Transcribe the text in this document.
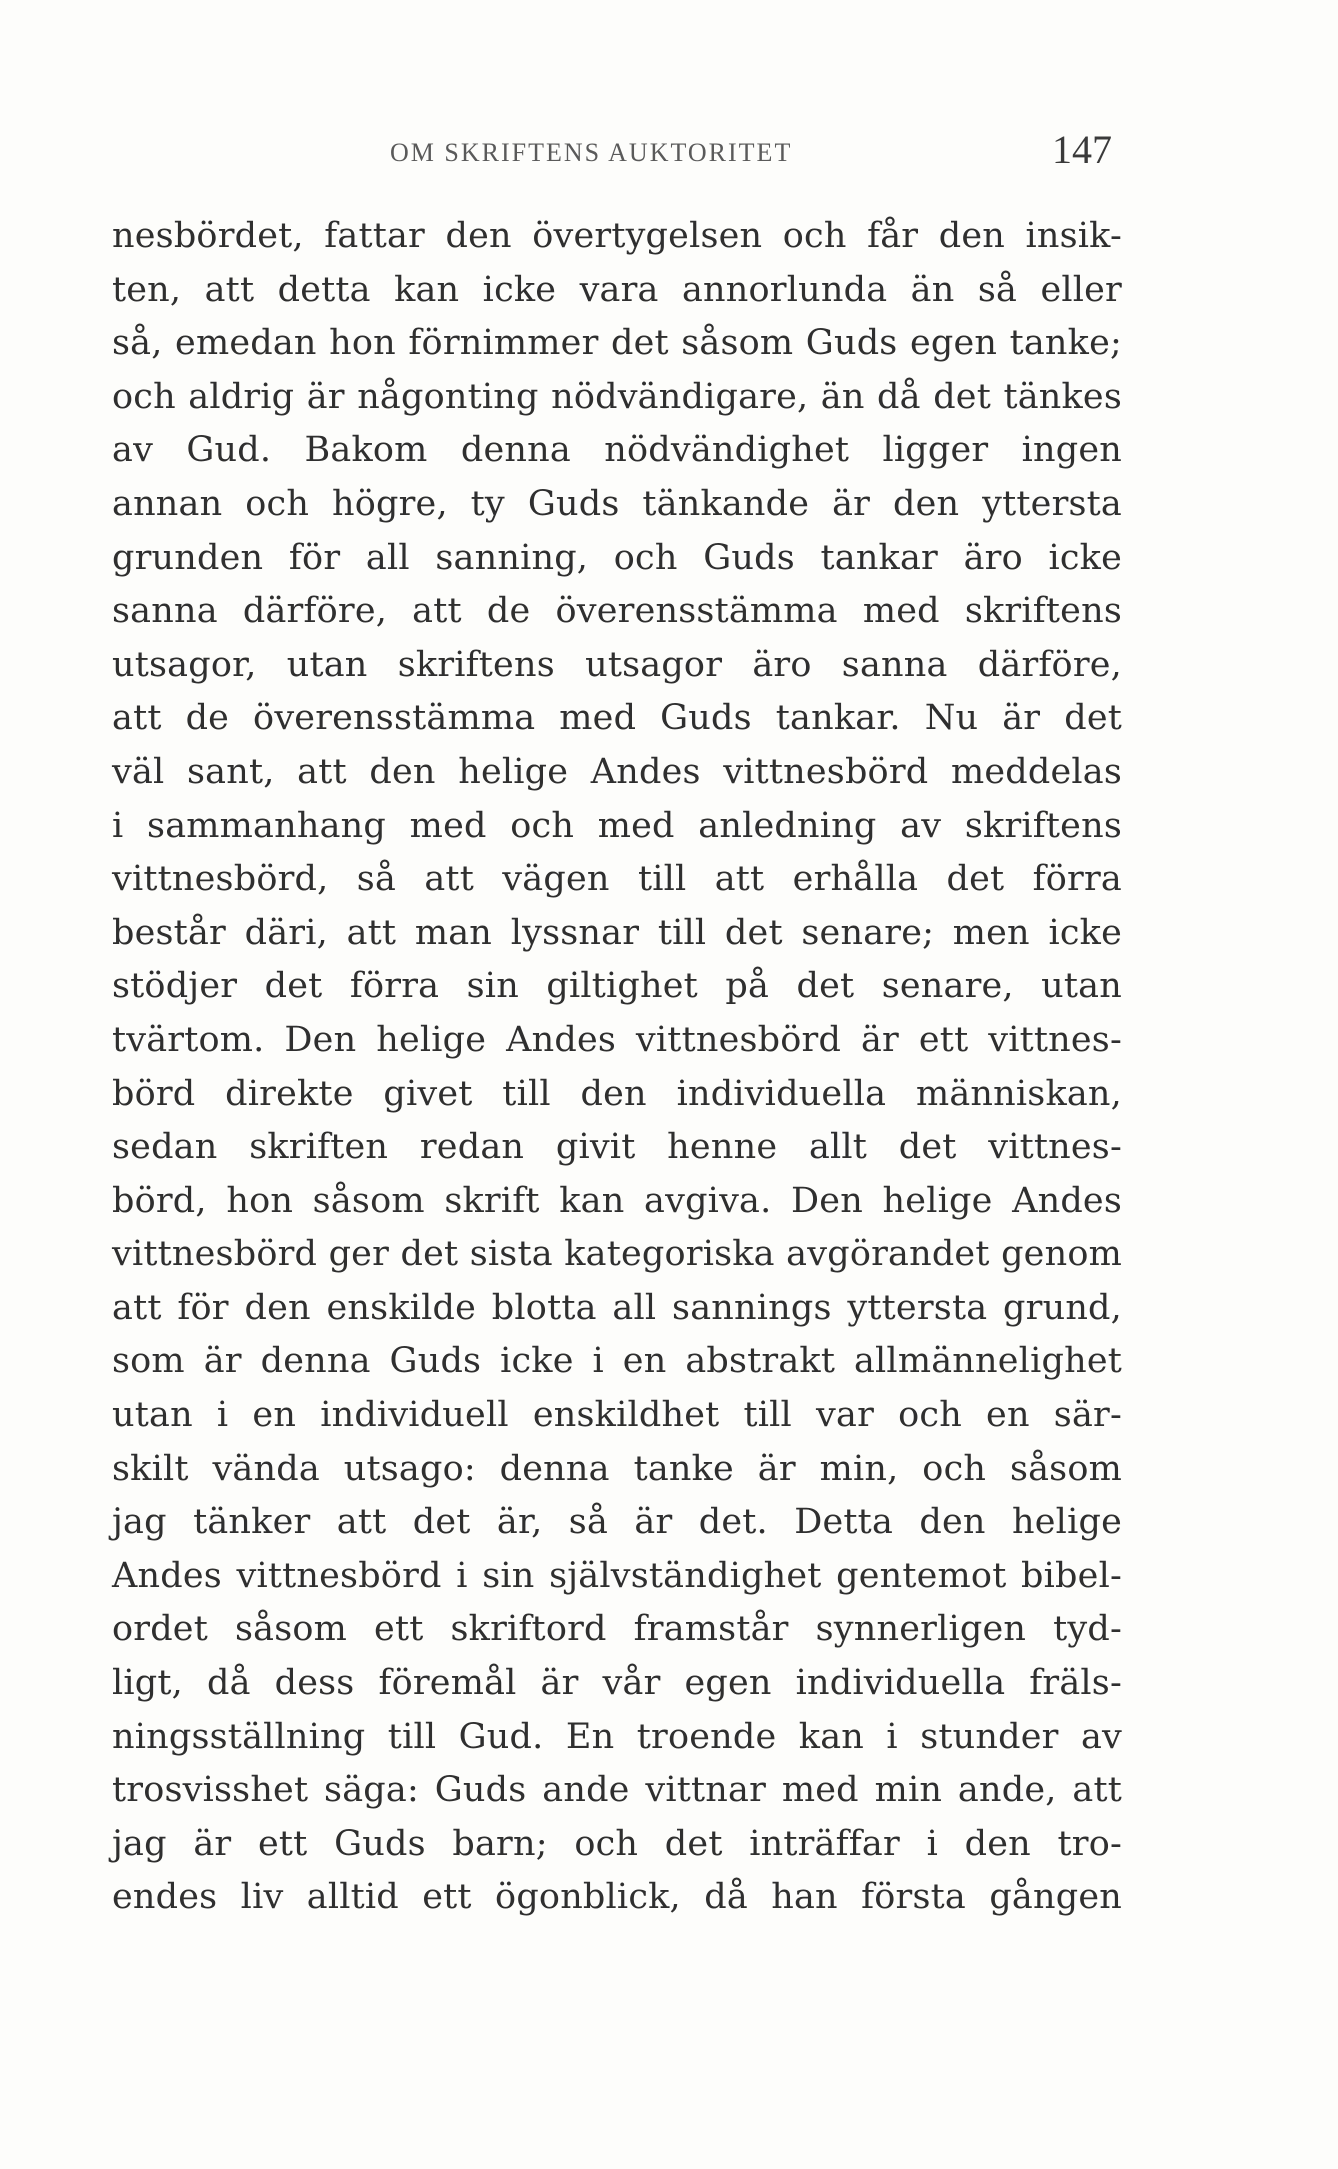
OM SKRIFTENS AUKTORITET	147
nesbördet, fattar den övertygelsen och får den insik-
ten, att detta kan icke vara annorlunda än så eller
så, emedan hon förnimmer det såsom Guds egen tanke;
och aldrig är någonting nödvändigare, än då det tänkes
av Gud. Bakom denna nödvändighet ligger ingen
annan och högre, ty Guds tänkande är den yttersta
grunden för all sanning, och Guds tankar äro icke
sanna därföre, att de överensstämma med skriftens
utsagor, utan skriftens utsagor äro sanna därföre,
att de överensstämma med Guds tankar. Nu är det
väl sant, att den helige Andes vittnesbörd meddelas
i sammanhang med och med anledning av skriftens
vittnesbörd, så att vägen till att erhålla det förra
består däri, att man lyssnar till det senare; men icke
stödjer det förra sin giltighet på det senare, utan
tvärtom. Den helige Andes vittnesbörd är ett vittnes-
börd direkte givet till den individuella människan,
sedan skriften redan givit henne allt det vittnes-
börd, hon såsom skrift kan avgiva. Den helige Andes
vittnesbörd ger det sista kategoriska avgörandet genom
att för den enskilde blotta all sannings yttersta grund,
som är denna Guds icke i en abstrakt allmännelighet
utan i en individuell enskildhet till var och en sär-
skilt vända utsago: denna tanke är min, och såsom
jag tänker att det är, så är det. Detta den helige
Andes vittnesbörd i sin självständighet gentemot bibel-
ordet såsom ett skriftord framstår synnerligen tyd-
ligt, då dess föremål är vår egen individuella fräls-
ningsställning till Gud. En troende kan i stunder av
trosvisshet säga: Guds ande vittnar med min ande, att
jag är ett Guds barn; och det inträffar i den tro-
endes liv alltid ett ögonblick, då han första gången
